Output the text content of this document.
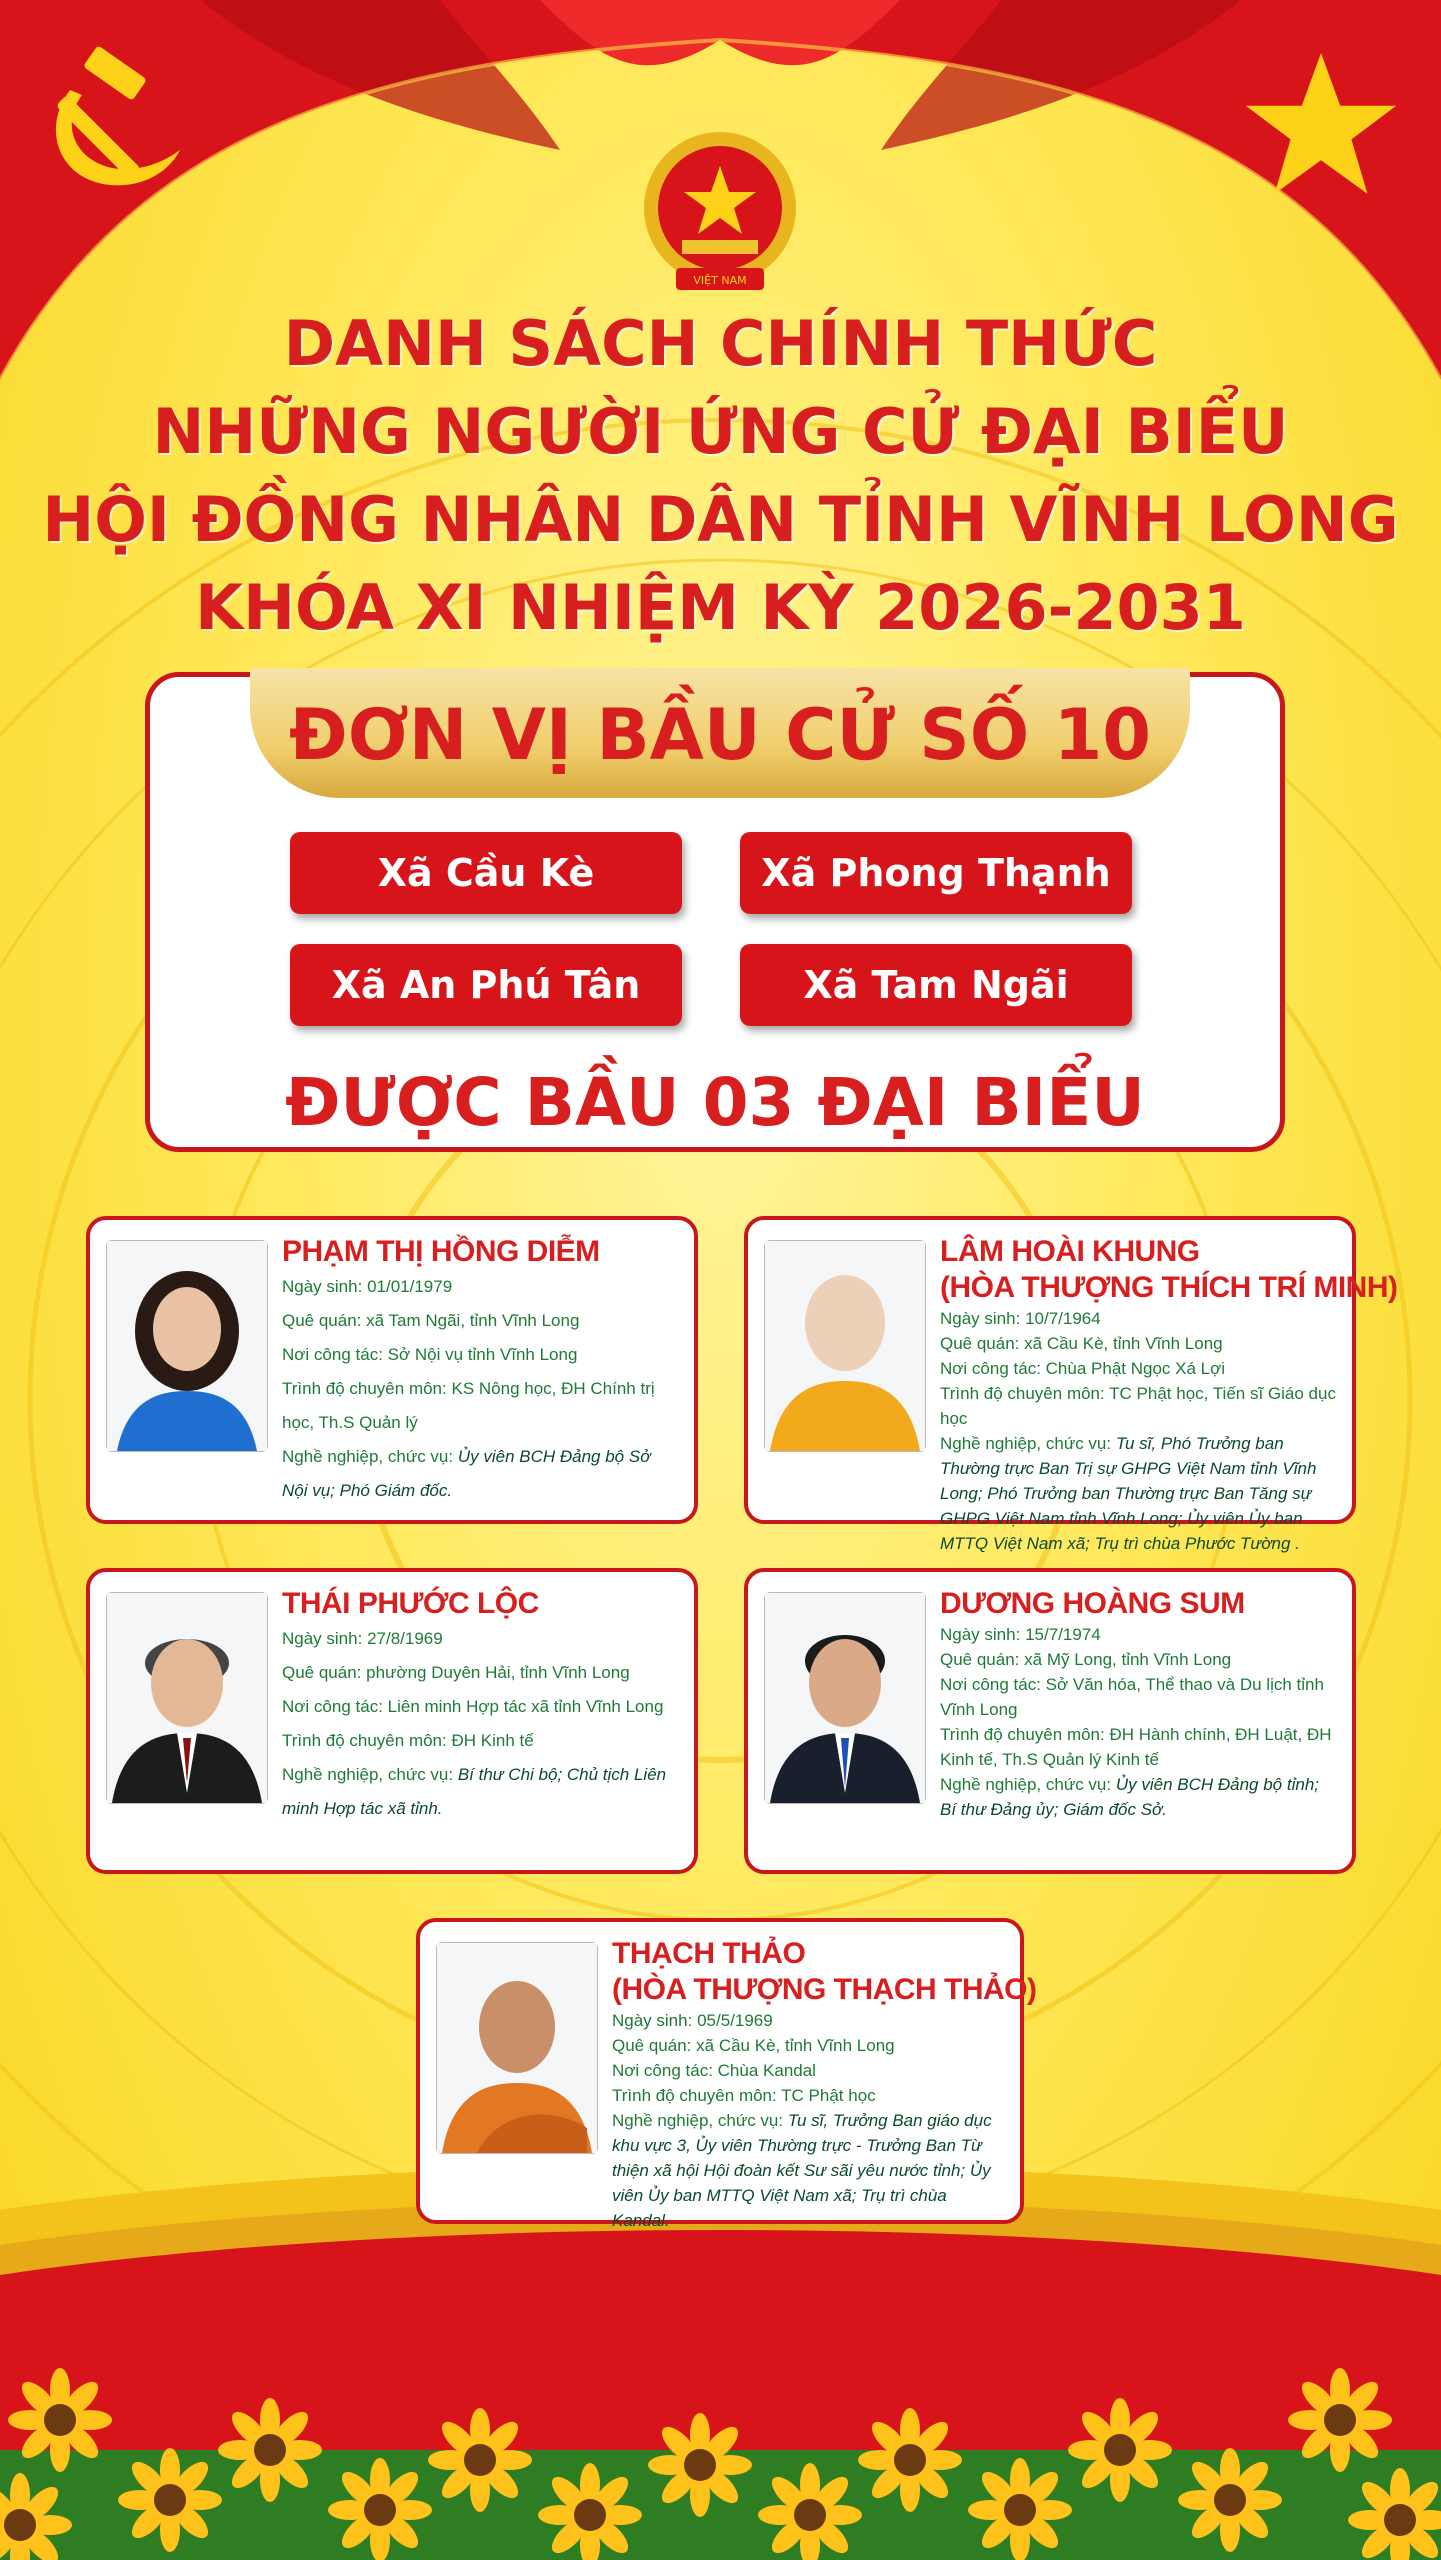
VIỆT NAM
DANH SÁCH CHÍNH THỨC
NHỮNG NGƯỜI ỨNG CỬ ĐẠI BIỂU
HỘI ĐỒNG NHÂN DÂN TỈNH VĨNH LONG
KHÓA XI NHIỆM KỲ 2026-2031
ĐƠN VỊ BẦU CỬ SỐ 10
Xã Cầu Kè	Xã Phong Thạnh
Xã An Phú Tân	Xã Tam Ngãi
ĐƯỢC BẦU 03 ĐẠI BIỂU
PHẠM THỊ HỒNG DIỄM
Ngày sinh: 01/01/1979
Quê quán: xã Tam Ngãi, tỉnh Vĩnh Long
Nơi công tác: Sở Nội vụ tỉnh Vĩnh Long
Trình độ chuyên môn: KS Nông học, ĐH Chính trị học, Th.S Quản lý
Nghề nghiệp, chức vụ: Ủy viên BCH Đảng bộ Sở Nội vụ; Phó Giám đốc.
LÂM HOÀI KHUNG
(HÒA THƯỢNG THÍCH TRÍ MINH)
Ngày sinh: 10/7/1964
Quê quán: xã Cầu Kè, tỉnh Vĩnh Long
Nơi công tác: Chùa Phật Ngọc Xá Lợi
Trình độ chuyên môn: TC Phật học, Tiến sĩ Giáo dục học
Nghề nghiệp, chức vụ: Tu sĩ, Phó Trưởng ban Thường trực Ban Trị sự GHPG Việt Nam tỉnh Vĩnh Long; Phó Trưởng ban Thường trực Ban Tăng sự GHPG Việt Nam tỉnh Vĩnh Long; Ủy viên Ủy ban MTTQ Việt Nam xã; Trụ trì chùa Phước Tường .
THÁI PHƯỚC LỘC
Ngày sinh: 27/8/1969
Quê quán: phường Duyên Hải, tỉnh Vĩnh Long
Nơi công tác: Liên minh Hợp tác xã tỉnh Vĩnh Long
Trình độ chuyên môn: ĐH Kinh tế
Nghề nghiệp, chức vụ: Bí thư Chi bộ; Chủ tịch Liên minh Hợp tác xã tỉnh.
DƯƠNG HOÀNG SUM
Ngày sinh: 15/7/1974
Quê quán: xã Mỹ Long, tỉnh Vĩnh Long
Nơi công tác: Sở Văn hóa, Thể thao và Du lịch tỉnh Vĩnh Long
Trình độ chuyên môn: ĐH Hành chính, ĐH Luật, ĐH Kinh tế, Th.S Quản lý Kinh tế
Nghề nghiệp, chức vụ: Ủy viên BCH Đảng bộ tỉnh; Bí thư Đảng ủy; Giám đốc Sở.
THẠCH THẢO
(HÒA THƯỢNG THẠCH THẢO)
Ngày sinh: 05/5/1969
Quê quán: xã Cầu Kè, tỉnh Vĩnh Long
Nơi công tác: Chùa Kandal
Trình độ chuyên môn: TC Phật học
Nghề nghiệp, chức vụ: Tu sĩ, Trưởng Ban giáo dục khu vực 3, Ủy viên Thường trực - Trưởng Ban Từ thiện xã hội Hội đoàn kết Sư sãi yêu nước tỉnh; Ủy viên Ủy ban MTTQ Việt Nam xã; Trụ trì chùa Kandal.
